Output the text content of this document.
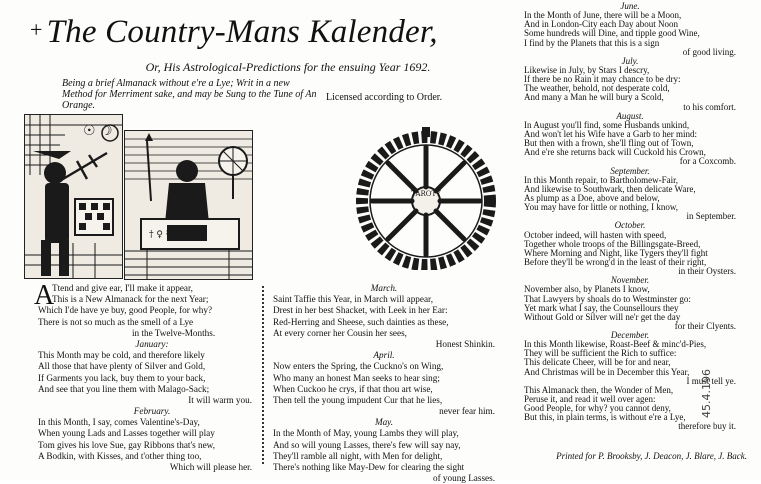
+ The Country-Mans Kalender,
Or, His Astrological-Predictions for the ensuing Year 1692.
Being a brief Almanack without e're a Lye; Writ in a new Method for Merriment sake, and may be Sung to the Tune of An Orange.
Licensed according to Order.
☉ ☽
† ♀ ☿
TAROTY
A
Ttend and give ear, I'll make it appear,
This is a New Almanack for the next Year;
Which I'de have ye buy, good People, for why?
There is not so much as the smell of a Lye
in the Twelve-Months.
January:
This Month may be cold, and therefore likely
All those that have plenty of Silver and Gold,
If Garments you lack, buy them to your back,
And see that you line them with Malago-Sack;
It will warm you.
February.
In this Month, I say, comes Valentine's-Day,
When young Lads and Lasses together will play
Tom gives his love Sue, gay Ribbons that's new,
A Bodkin, with Kisses, and t'other thing too,
Which will please her.
March.
Saint Taffie this Year, in March will appear,
Drest in her best Shacket, with Leek in her Ear:
Red-Herring and Sheese, such dainties as these,
At every corner her Cousin her sees,
Honest Shinkin.
April.
Now enters the Spring, the Cuckno's on Wing,
Who many an honest Man seeks to hear sing;
When Cuckoo he crys, if that thou art wise,
Then tell the young impudent Cur that he lies,
never fear him.
May.
In the Month of May, young Lambs they will play,
And so will young Lasses, there's few will say nay,
They'll ramble all night, with Men for delight,
There's nothing like May-Dew for clearing the sight
of young Lasses.
June.
In the Month of June, there will be a Moon,
And in London-City each Day about Noon
Some hundreds will Dine, and tipple good Wine,
I find by the Planets that this is a sign
of good living.
July.
Likewise in July, by Stars I descry,
If there be no Rain it may chance to be dry:
The weather, behold, not desperate cold,
And many a Man he will bury a Scold,
to his comfort.
August.
In August you'll find, some Husbands unkind,
And won't let his Wife have a Garb to her mind:
But then with a frown, she'll fling out of Town,
And e're she returns back will Cuckold his Crown,
for a Coxcomb.
September.
In this Month repair, to Bartholomew-Fair,
And likewise to Southwark, then delicate Ware,
As plump as a Doe, above and below,
You may have for little or nothing, I know,
in September.
October.
October indeed, will hasten with speed,
Together whole troops of the Billingsgate-Breed,
Where Morning and Night, like Tygers they'll fight
Before they'll be wrong'd in the least of their right,
in their Oysters.
November.
November also, by Planets I know,
That Lawyers by shoals do to Westminster go:
Yet mark what I say, the Counsellours they
Without Gold or Silver will ne'r get the day
for their Clyents.
December.
In this Month likewise, Roast-Beef & minc'd-Pies,
They will be sufficient the Rich to suffice:
This delicate Cheer, will be for and near,
And Christmas will be in December this Year,
I must tell ye.
This Almanack then, the Wonder of Men,
Peruse it, and read it well over agen:
Good People, for why? you cannot deny,
But this, in plain terms, is without e're a Lye,
therefore buy it.
Printed for P. Brooksby, J. Deacon, J. Blare, J. Back.
45.4.196
